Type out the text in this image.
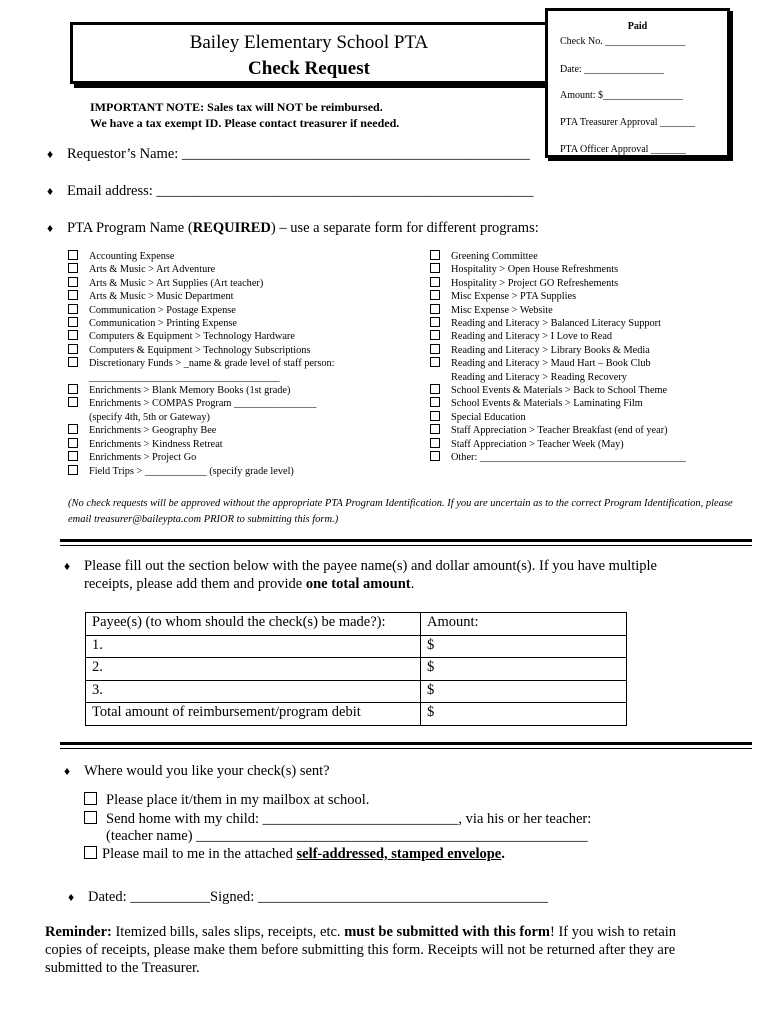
Bailey Elementary School PTA
Check Request
Paid
Check No. ________________
Date: ________________
Amount: $________________
PTA Treasurer Approval _______
PTA Officer Approval _______
IMPORTANT NOTE: Sales tax will NOT be reimbursed.
We have a tax exempt ID. Please contact treasurer if needed.
♦ Requestor’s Name: ________________________________________________
♦ Email address: ____________________________________________________
♦ PTA Program Name (REQUIRED) – use a separate form for different programs:
Accounting Expense
Arts & Music > Art Adventure
Arts & Music > Art Supplies (Art teacher)
Arts & Music > Music Department
Communication > Postage Expense
Communication > Printing Expense
Computers & Equipment > Technology Hardware
Computers & Equipment > Technology Subscriptions
Discretionary Funds > _name & grade level of staff person:
_____________________________________
Enrichments > Blank Memory Books (1st grade)
Enrichments > COMPAS Program ________________
(specify 4th, 5th or Gateway)
Enrichments > Geography Bee
Enrichments > Kindness Retreat
Enrichments > Project Go
Field Trips > ____________ (specify grade level)
Greening Committee
Hospitality > Open House Refreshments
Hospitality > Project GO Refreshements
Misc Expense > PTA Supplies
Misc Expense > Website
Reading and Literacy > Balanced Literacy Support
Reading and Literacy > I Love to Read
Reading and Literacy > Library Books & Media
Reading and Literacy > Maud Hart – Book Club
Reading and Literacy > Reading Recovery
School Events & Materials > Back to School Theme
School Events & Materials > Laminating Film
Special Education
Staff Appreciation > Teacher Breakfast (end of year)
Staff Appreciation > Teacher Week (May)
Other: ________________________________________
(No check requests will be approved without the appropriate PTA Program Identification. If you are uncertain as to the correct Program Identification, please email treasurer@baileypta.com PRIOR to submitting this form.)
♦ Please fill out the section below with the payee name(s) and dollar amount(s). If you have multiple
receipts, please add them and provide one total amount.
Payee(s) (to whom should the check(s) be made?):	Amount:
1.	$
2.	$
3.	$
Total amount of reimbursement/program debit	$
♦ Where would you like your check(s) sent?
Please place it/them in my mailbox at school.
Send home with my child: ___________________________, via his or her teacher:
(teacher name) ______________________________________________________
Please mail to me in the attached self-addressed, stamped envelope.
♦ Dated: ___________Signed: ________________________________________
Reminder: Itemized bills, sales slips, receipts, etc. must be submitted with this form! If you wish to retain
copies of receipts, please make them before submitting this form. Receipts will not be returned after they are
submitted to the Treasurer.
